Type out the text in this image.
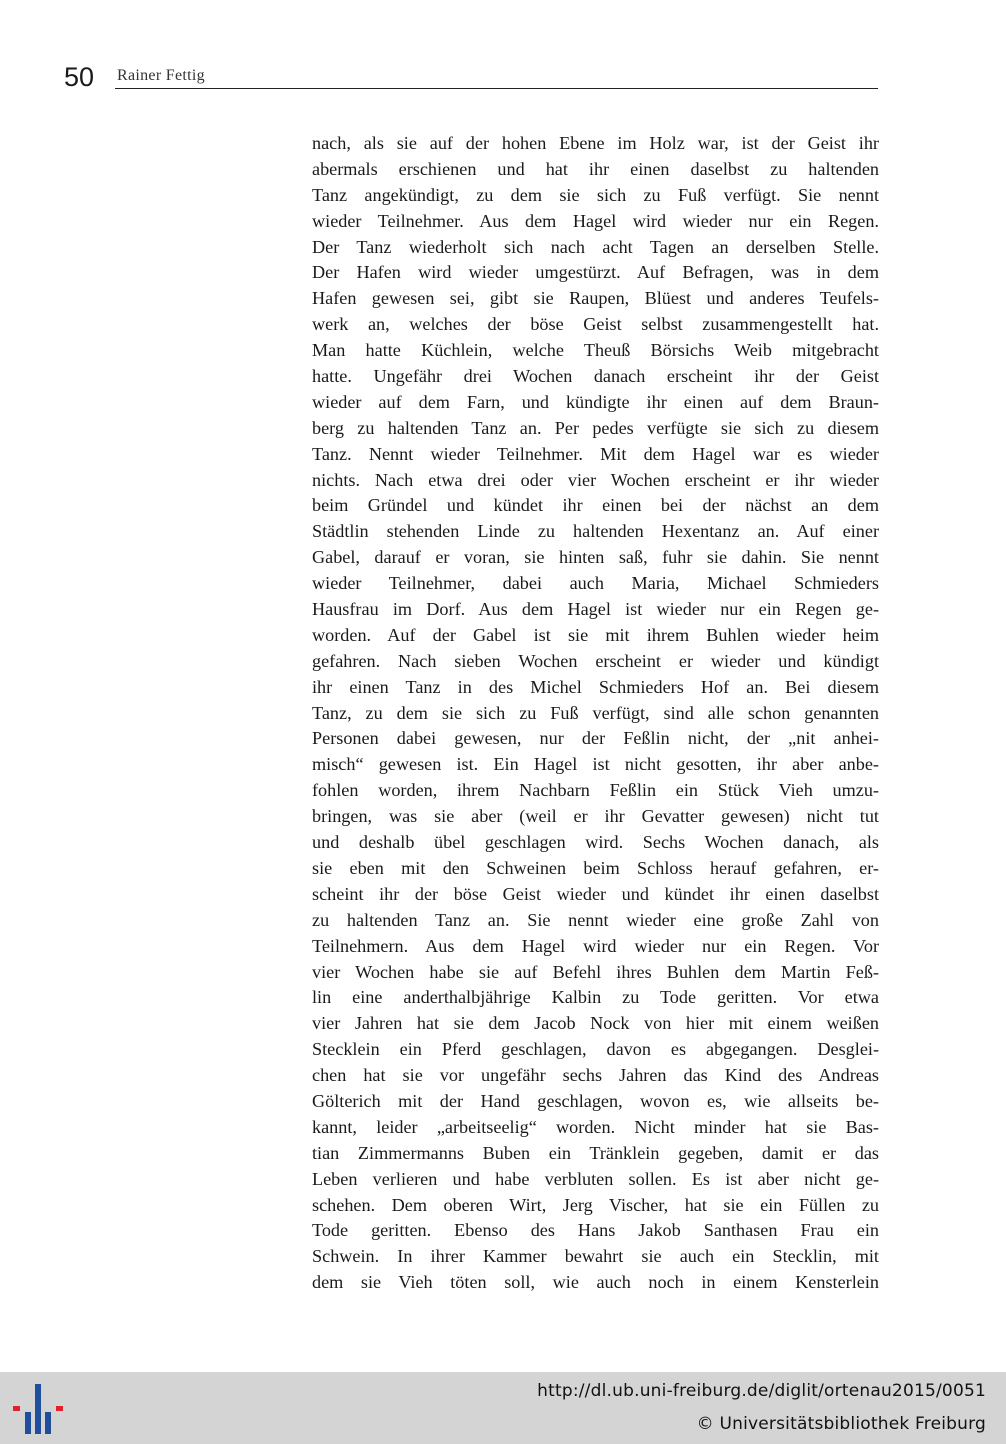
50 Rainer Fettig
nach, als sie auf der hohen Ebene im Holz war, ist der Geist ihr
abermals erschienen und hat ihr einen daselbst zu haltenden
Tanz angekündigt, zu dem sie sich zu Fuß verfügt. Sie nennt
wieder Teilnehmer. Aus dem Hagel wird wieder nur ein Regen.
Der Tanz wiederholt sich nach acht Tagen an derselben Stelle.
Der Hafen wird wieder umgestürzt. Auf Befragen, was in dem
Hafen gewesen sei, gibt sie Raupen, Blüest und anderes Teufels-
werk an, welches der böse Geist selbst zusammengestellt hat.
Man hatte Küchlein, welche Theuß Börsichs Weib mitgebracht
hatte. Ungefähr drei Wochen danach erscheint ihr der Geist
wieder auf dem Farn, und kündigte ihr einen auf dem Braun-
berg zu haltenden Tanz an. Per pedes verfügte sie sich zu diesem
Tanz. Nennt wieder Teilnehmer. Mit dem Hagel war es wieder
nichts. Nach etwa drei oder vier Wochen erscheint er ihr wieder
beim Gründel und kündet ihr einen bei der nächst an dem
Städtlin stehenden Linde zu haltenden Hexentanz an. Auf einer
Gabel, darauf er voran, sie hinten saß, fuhr sie dahin. Sie nennt
wieder Teilnehmer, dabei auch Maria, Michael Schmieders
Hausfrau im Dorf. Aus dem Hagel ist wieder nur ein Regen ge-
worden. Auf der Gabel ist sie mit ihrem Buhlen wieder heim
gefahren. Nach sieben Wochen erscheint er wieder und kündigt
ihr einen Tanz in des Michel Schmieders Hof an. Bei diesem
Tanz, zu dem sie sich zu Fuß verfügt, sind alle schon genannten
Personen dabei gewesen, nur der Feßlin nicht, der „nit anhei-
misch“ gewesen ist. Ein Hagel ist nicht gesotten, ihr aber anbe-
fohlen worden, ihrem Nachbarn Feßlin ein Stück Vieh umzu-
bringen, was sie aber (weil er ihr Gevatter gewesen) nicht tut
und deshalb übel geschlagen wird. Sechs Wochen danach, als
sie eben mit den Schweinen beim Schloss herauf gefahren, er-
scheint ihr der böse Geist wieder und kündet ihr einen daselbst
zu haltenden Tanz an. Sie nennt wieder eine große Zahl von
Teilnehmern. Aus dem Hagel wird wieder nur ein Regen. Vor
vier Wochen habe sie auf Befehl ihres Buhlen dem Martin Feß-
lin eine anderthalbjährige Kalbin zu Tode geritten. Vor etwa
vier Jahren hat sie dem Jacob Nock von hier mit einem weißen
Stecklein ein Pferd geschlagen, davon es abgegangen. Desglei-
chen hat sie vor ungefähr sechs Jahren das Kind des Andreas
Gölterich mit der Hand geschlagen, wovon es, wie allseits be-
kannt, leider „arbeitseelig“ worden. Nicht minder hat sie Bas-
tian Zimmermanns Buben ein Tränklein gegeben, damit er das
Leben verlieren und habe verbluten sollen. Es ist aber nicht ge-
schehen. Dem oberen Wirt, Jerg Vischer, hat sie ein Füllen zu
Tode geritten. Ebenso des Hans Jakob Santhasen Frau ein
Schwein. In ihrer Kammer bewahrt sie auch ein Stecklin, mit
dem sie Vieh töten soll, wie auch noch in einem Kensterlein
http://dl.ub.uni-freiburg.de/diglit/ortenau2015/0051
© Universitätsbibliothek Freiburg
